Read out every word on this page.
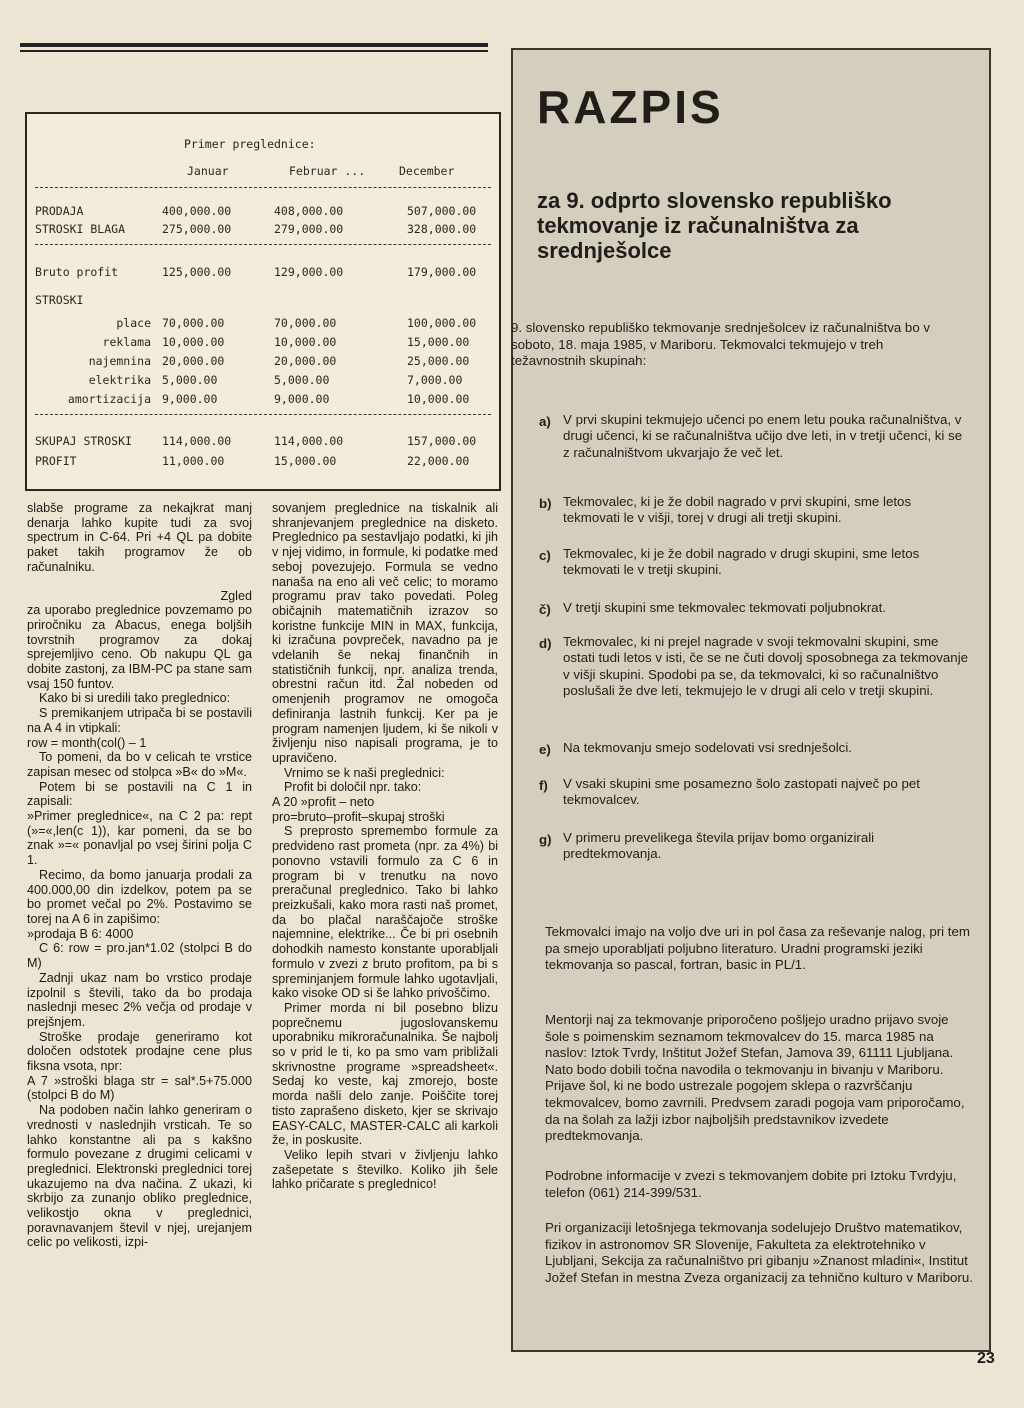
Primer preglednice:
Januar	Februar ...	December
PRODAJA	400,000.00	408,000.00	507,000.00
STROSKI BLAGA	275,000.00	279,000.00	328,000.00
Bruto profit	125,000.00	129,000.00	179,000.00
STROSKI
place 70,000.00	70,000.00	100,000.00
reklama 10,000.00	10,000.00	15,000.00
najemnina 20,000.00	20,000.00	25,000.00
elektrika 5,000.00	5,000.00	7,000.00
amortizacija 9,000.00	9,000.00	10,000.00
SKUPAJ STROSKI	114,000.00	114,000.00	157,000.00
PROFIT	11,000.00	15,000.00	22,000.00

slabše programe za nekajkrat manj denarja lahko kupite tudi za svoj spectrum in C-64. Pri +4 QL pa dobite paket takih programov že ob računalniku.

Zgled

za uporabo preglednice povzemamo po priročniku za Abacus, enega boljših tovrstnih programov za dokaj sprejemljivo ceno. Ob nakupu QL ga dobite zastonj, za IBM-PC pa stane sam vsaj 150 funtov.

Kako bi si uredili tako preglednico:

S premikanjem utripača bi se postavili na A 4 in vtipkali:

row = month(col() – 1

To pomeni, da bo v celicah te vrstice zapisan mesec od stolpca »B« do »M«.

Potem bi se postavili na C 1 in zapisali:

»Primer preglednice«, na C 2 pa: rept (»=«,len(c 1)), kar pomeni, da se bo znak »=« ponavljal po vsej širini polja C 1.

Recimo, da bomo januarja prodali za 400.000,00 din izdelkov, potem pa se bo promet večal po 2%. Postavimo se torej na A 6 in zapišimo:

»prodaja B 6: 4000

C 6: row = pro.jan*1.02 (stolpci B do M)

Zadnji ukaz nam bo vrstico prodaje izpolnil s števili, tako da bo prodaja naslednji mesec 2% večja od prodaje v prejšnjem.

Stroške prodaje generiramo kot določen odstotek prodajne cene plus fiksna vsota, npr:

A 7 »stroški blaga str = sal*.5+75.000 (stolpci B do M)

Na podoben način lahko generiram o vrednosti v naslednjih vrsticah. Te so lahko konstantne ali pa s kakšno formulo povezane z drugimi celicami v preglednici. Elektronski preglednici torej ukazujemo na dva načina. Z ukazi, ki skrbijo za zunanjo obliko preglednice, velikostjo okna v preglednici, poravnavanjem števil v njej, urejanjem celic po velikosti, izpi-

sovanjem preglednice na tiskalnik ali shranjevanjem preglednice na disketo. Preglednico pa sestavljajo podatki, ki jih v njej vidimo, in formule, ki podatke med seboj povezujejo. Formula se vedno nanaša na eno ali več celic; to moramo programu prav tako povedati. Poleg običajnih matematičnih izrazov so koristne funkcije MIN in MAX, funkcija, ki izračuna povpreček, navadno pa je vdelanih še nekaj finančnih in statističnih funkcij, npr. analiza trenda, obrestni račun itd. Žal nobeden od omenjenih programov ne omogoča definiranja lastnih funkcij. Ker pa je program namenjen ljudem, ki še nikoli v življenju niso napisali programa, je to upravičeno.

Vrnimo se k naši preglednici:

Profit bi določil npr. tako:

A 20 »profit – neto

pro=bruto–profit–skupaj stroški

S preprosto spremembo formule za predvideno rast prometa (npr. za 4%) bi ponovno vstavili formulo za C 6 in program bi v trenutku na novo preračunal preglednico. Tako bi lahko preizkušali, kako mora rasti naš promet, da bo plačal naraščajoče stroške najemnine, elektrike... Če bi pri osebnih dohodkih namesto konstante uporabljali formulo v zvezi z bruto profitom, pa bi s spreminjanjem formule lahko ugotavljali, kako visoke OD si še lahko privoščimo.

Primer morda ni bil posebno blizu poprečnemu jugoslovanskemu uporabniku mikroračunalnika. Še najbolj so v prid le ti, ko pa smo vam približali skrivnostne programe »spreadsheet«. Sedaj ko veste, kaj zmorejo, boste morda našli delo zanje. Poiščite torej tisto zaprašeno disketo, kjer se skrivajo EASY-CALC, MASTER-CALC ali karkoli že, in poskusite.

Veliko lepih stvari v življenju lahko zašepetate s številko. Koliko jih šele lahko pričarate s preglednico!

RAZPIS
za 9. odprto slovensko republiško tekmovanje iz računalništva za srednješolce
9. slovensko republiško tekmovanje srednješolcev iz računalništva bo v soboto, 18. maja 1985, v Mariboru. Tekmovalci tekmujejo v treh težavnostnih skupinah:
a) V prvi skupini tekmujejo učenci po enem letu pouka računalništva, v drugi učenci, ki se računalništva učijo dve leti, in v tretji učenci, ki se z računalništvom ukvarjajo že več let.
b) Tekmovalec, ki je že dobil nagrado v prvi skupini, sme letos tekmovati le v višji, torej v drugi ali tretji skupini.
c) Tekmovalec, ki je že dobil nagrado v drugi skupini, sme letos tekmovati le v tretji skupini.
č) V tretji skupini sme tekmovalec tekmovati poljubnokrat.
d) Tekmovalec, ki ni prejel nagrade v svoji tekmovalni skupini, sme ostati tudi letos v isti, če se ne čuti dovolj sposobnega za tekmovanje v višji skupini. Spodobi pa se, da tekmovalci, ki so računalništvo poslušali že dve leti, tekmujejo le v drugi ali celo v tretji skupini.
e) Na tekmovanju smejo sodelovati vsi srednješolci.
f) V vsaki skupini sme posamezno šolo zastopati največ po pet tekmovalcev.
g) V primeru prevelikega števila prijav bomo organizirali predtekmovanja.
Tekmovalci imajo na voljo dve uri in pol časa za reševanje nalog, pri tem pa smejo uporabljati poljubno literaturo. Uradni programski jeziki tekmovanja so pascal, fortran, basic in PL/1.
Mentorji naj za tekmovanje priporočeno pošljejo uradno prijavo svoje šole s poimenskim seznamom tekmovalcev do 15. marca 1985 na naslov: Iztok Tvrdy, Inštitut Jožef Stefan, Jamova 39, 61111 Ljubljana. Nato bodo dobili točna navodila o tekmovanju in bivanju v Mariboru. Prijave šol, ki ne bodo ustrezale pogojem sklepa o razvrščanju tekmovalcev, bomo zavrnili. Predvsem zaradi pogoja vam priporočamo, da na šolah za lažji izbor najboljših predstavnikov izvedete predtekmovanja.
Podrobne informacije v zvezi s tekmovanjem dobite pri Iztoku Tvrdyju, telefon (061) 214-399/531.
Pri organizaciji letošnjega tekmovanja sodelujejo Društvo matematikov, fizikov in astronomov SR Slovenije, Fakulteta za elektrotehniko v Ljubljani, Sekcija za računalništvo pri gibanju »Znanost mladini«, Institut Jožef Stefan in mestna Zveza organizacij za tehnično kulturo v Mariboru.
23
